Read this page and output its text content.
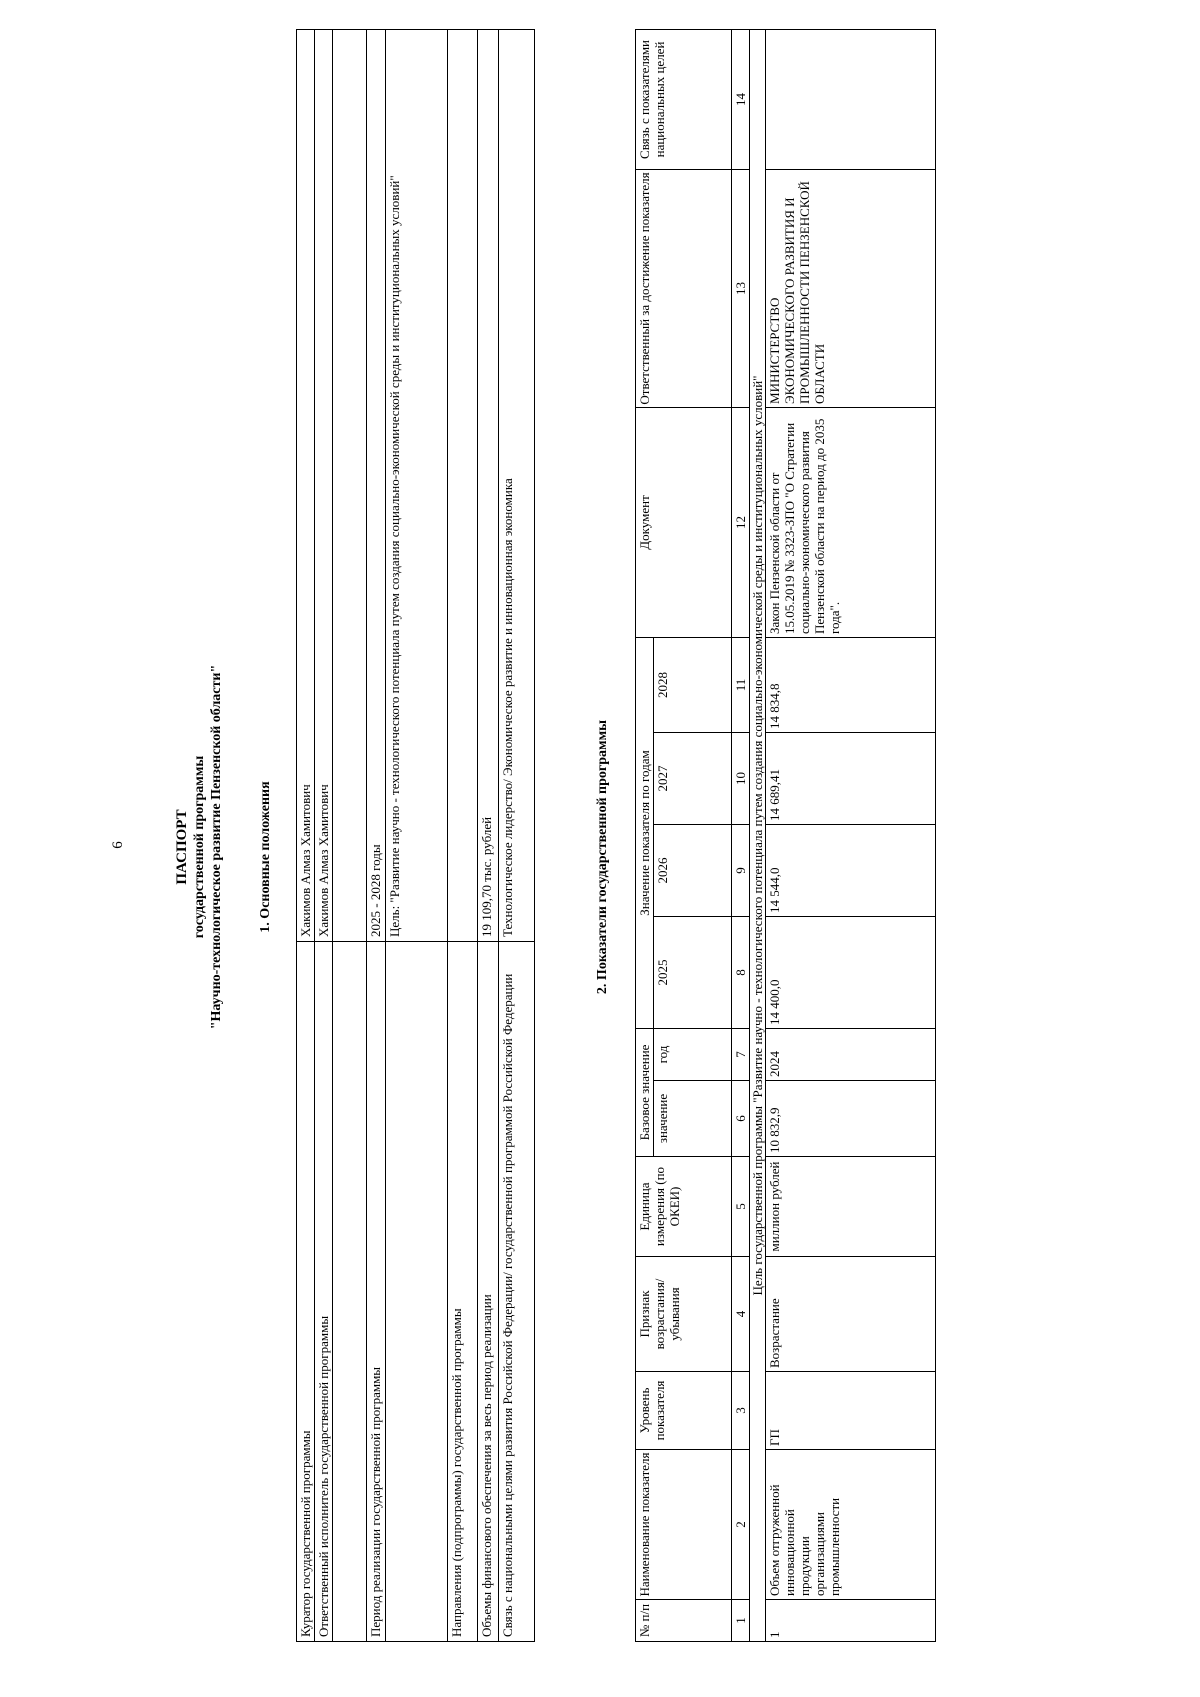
6	ПАСПОРТ государственной программы "Научно-технологическое развитие Пензенской области" 1. Основные положения
Куратор государственной программы	Хакимов Алмаз Хамитович
Ответственный исполнитель государственной программы	Хакимов Алмаз Хамитович

Период реализации государственной программы	2025 - 2028 годы
	Цель: "Развитие научно - технологического потенциала путем создания социально-экономической среды и институциональных условий"
Направления (подпрограммы) государственной программы	
Объемы финансового обеспечения за весь период реализации	19 109,70 тыс. рублей
Связь с национальными целями развития Российской Федерации/ государственной программой Российской Федерации	Технологическое лидерство/ Экономическое развитие и инновационная экономика	2. Показатели государственной программы
№ п/п	Наименование показателя	Уровень показателя	Признак возрастания/ убывания	Единица измерения (по ОКЕИ)	Базовое значение		Значение показателя по годам				Документ	Ответственный за достижение показателя	Связь с показателями национальных целей
					значение	год	2025	2026	2027	2028			
1	2	3	4	5	6	7	8	9	10	11	12	13	14
Цель государственной программы "Развитие научно - технологического потенциала путем создания социально-экономической среды и институциональных условий"													
1	Объем отгруженной инновационной продукции организациями промышленности	ГП	Возрастание	миллион рублей	10 832,9	2024	14 400,0	14 544,0	14 689,41	14 834,8	Закон Пензенской области от 15.05.2019 № 3323-ЗПО "О Стратегии социально-экономического развития Пензенской области на период до 2035 года".	МИНИСТЕРСТВО ЭКОНОМИЧЕСКОГО РАЗВИТИЯ И ПРОМЫШЛЕННОСТИ ПЕНЗЕНСКОЙ ОБЛАСТИ	
